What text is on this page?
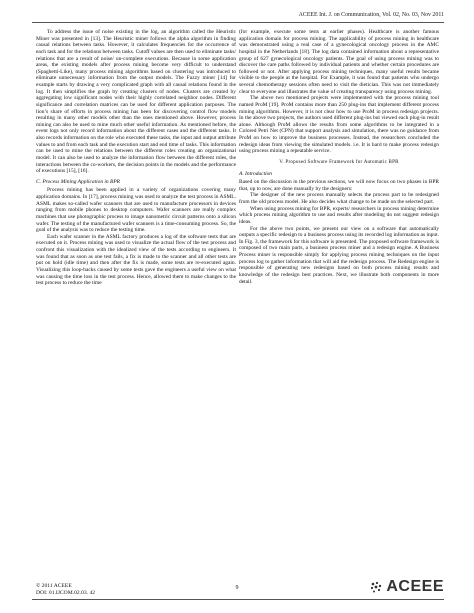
ACEEE Int. J. on Communication, Vol. 02, No. 03, Nov 2011

To address the issue of noise existing in the log, an algorithm called the Heuristic Miner was presented in [13]. The Heuristic miner follows the alpha algorithm in finding causal relations between tasks. However, it calculates frequencies for the occurrence of each task and for the relations between tasks. Cutoff values are then used to eliminate tasks/ relations that are a result of noise/ un-complete executions. Because in some application areas, the existing models after process mining become very difficult to understand (Spaghetti-Like), many process mining algorithms based on clustering was introduced to eliminate unnecessary information from the output models. The Fuzzy miner [14] for example starts by drawing a very complicated graph with all causal relations found in the log. It then simplifies the graph by creating clusters of nodes. Clusters are created by aggregating low significant nodes with their highly correlated neighbor nodes. Different significance and correlation matrices can be used for different application purposes. The lion’s share of efforts in process mining has been for discovering control flow models resulting in many other models other than the ones mentioned above. However, process mining can also be used to mine much other useful information. As mentioned before, the event logs not only record information about the different cases and the different tasks. It also records information on the role who executed these tasks, the input and output attribute values to and from each task and the execution start and end time of tasks. This information can be used to mine the relations between the different roles creating an organizational model. It can also be used to analyze the information flow between the different roles, the interactions between the co-workers, the decision points in the models and the performance of executions [15], [16].

C. Process Mining Application in BPR

Process mining has been applied in a variety of organizations covering many application domains. In [17], process mining was used to analyze the test process in ASML. ASML makes so-called wafer scanners that are used to manufacture processors in devices ranging from mobile phones to desktop computers. Wafer scanners are really complex machines that use photographic process to image nanometric circuit patterns onto a silicon wafer. The testing of the manufactured wafer scanners is a time-consuming process. So, the goal of the analysis was to reduce the testing time.

Each wafer scanner in the ASML factory produces a log of the software tests that are executed on it. Process mining was used to visualize the actual flow of the test process and confront this visualization with the idealized view of the tests according to engineers. It was found that as soon as one test fails, a fix is made to the scanner and all other tests are put on hold (idle time) and then after the fix is made, some tests are re-executed again. Visualizing this loop-backs caused by some tests gave the engineers a useful view on what was causing the time loss in the test process. Hence, allowed them to make changes to the test process to reduce the time

(for example, execute some tests at earlier phases). Healthcare is another famous application domain for process mining. The applicability of process mining in healthcare was demonstrated using a real case of a gynecological oncology process in the AMC hospital in the Netherlands [18]. The log data contained information about a representative group of 627 gynecological oncology patients. The goal of using process mining was to discover the care paths followed by individual patients and whether certain procedures are followed or not. After applying process mining techniques, many useful results became visible to the people at the hospital. For Example, it was found that patients who undergo several chemotherapy sessions often need to visit the dietician. This was not immediately clear to everyone and illustrates the value of creating transparency using process mining.

The above two mentioned projects were implemented with the process mining tool named ProM [19]. ProM contains more than 250 plug-ins that implement different process mining algorithms. However, it is not clear how to use ProM in process redesign projects. In the above two projects, the authors used different plug-ins but viewed each plug-in result alone. Although ProM allows the results from some algorithms to be integrated in a Colored Petri Net (CPN) that support analysis and simulation, there was no guidance from ProM on how to improve the business processes. Instead, the researchers concluded the redesign ideas from viewing the simulated models. i.e. It is hard to make process redesign using process mining a repeatable service.

V. Proposed Software Framework for Automatic BPR

A. Introduction

Based on the discussion in the previous sections, we will now focus on two phases in BPR that, up to now, are done manually by the designers:

The designer of the new process manually selects the process part to be redesigned from the old process model. He also decides what change to be made on the selected part.

When using process mining for BPR, experts/ researchers in process mining determine which process mining algorithm to use and results after modeling do not suggest redesign ideas.

For the above two points, we present our view on a software that automatically outputs a specific redesign to a business process using its recorded log information as input. In Fig. 3, the framework for this software is presented. The proposed software framework is composed of two main parts, a business process miner and a redesign engine. A Business Process miner is responsible simply for applying process mining techniques on the input process log to gather information that will aid the redesign process. The Redesign engine is responsible of generating new redesigns based on both process mining results and knowledge of the redesign best practices. Next, we illustrate both components in more detail.

© 2011 ACEEE
DOI: 01.IJCOM.02.03. 42
9	ACEEE
